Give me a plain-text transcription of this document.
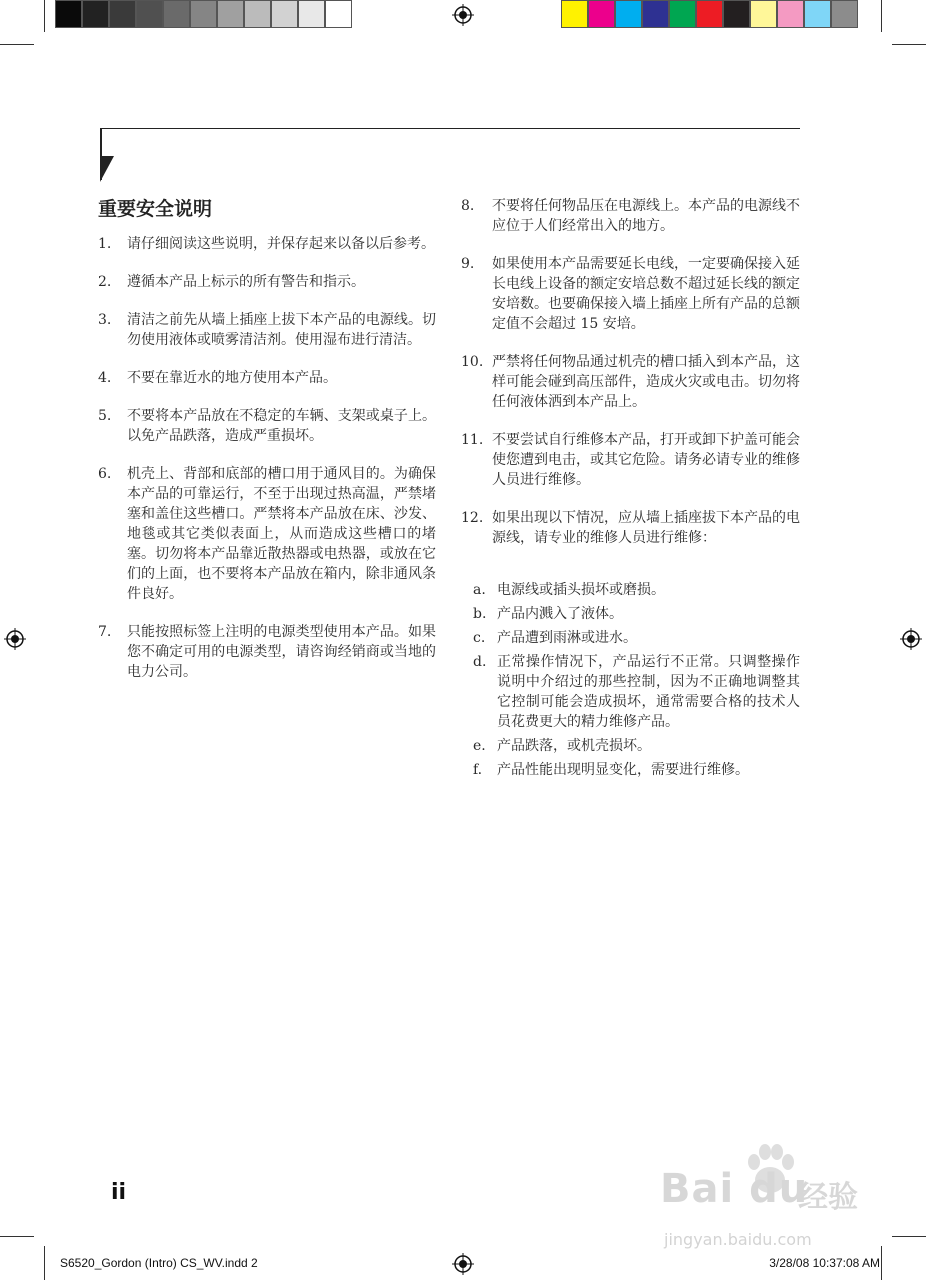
重要安全说明
1.	请仔细阅读这些说明，并保存起来以备以后参考。
2.	遵循本产品上标示的所有警告和指示。
3.	清洁之前先从墙上插座上拔下本产品的电源线。切勿使用液体或喷雾清洁剂。使用湿布进行清洁。
4.	不要在靠近水的地方使用本产品。
5.	不要将本产品放在不稳定的车辆、支架或桌子上。以免产品跌落，造成严重损坏。
6.	机壳上、背部和底部的槽口用于通风目的。为确保本产品的可靠运行，不至于出现过热高温，严禁堵塞和盖住这些槽口。严禁将本产品放在床、沙发、地毯或其它类似表面上，从而造成这些槽口的堵塞。切勿将本产品靠近散热器或电热器，或放在它们的上面，也不要将本产品放在箱内，除非通风条件良好。
7.	只能按照标签上注明的电源类型使用本产品。如果您不确定可用的电源类型，请咨询经销商或当地的电力公司。
8.	不要将任何物品压在电源线上。本产品的电源线不应位于人们经常出入的地方。
9.	如果使用本产品需要延长电线，一定要确保接入延长电线上设备的额定安培总数不超过延长线的额定安培数。也要确保接入墙上插座上所有产品的总额定值不会超过 15 安培。
10. 严禁将任何物品通过机壳的槽口插入到本产品，这样可能会碰到高压部件，造成火灾或电击。切勿将任何液体洒到本产品上。
11. 不要尝试自行维修本产品，打开或卸下护盖可能会使您遭到电击，或其它危险。请务必请专业的维修人员进行维修。
12. 如果出现以下情况，应从墙上插座拔下本产品的电源线，请专业的维修人员进行维修：
a. 电源线或插头损坏或磨损。
b. 产品内溅入了液体。
c. 产品遭到雨淋或进水。
d. 正常操作情况下，产品运行不正常。只调整操作说明中介绍过的那些控制，因为不正确地调整其它控制可能会造成损坏，通常需要合格的技术人员花费更大的精力维修产品。
e. 产品跌落，或机壳损坏。
f.	产品性能出现明显变化，需要进行维修。
ii	Bai du
经验
jingyan.baidu.com
S6520_Gordon (Intro) CS_WV.indd 2	3/28/08 10:37:08 AM
